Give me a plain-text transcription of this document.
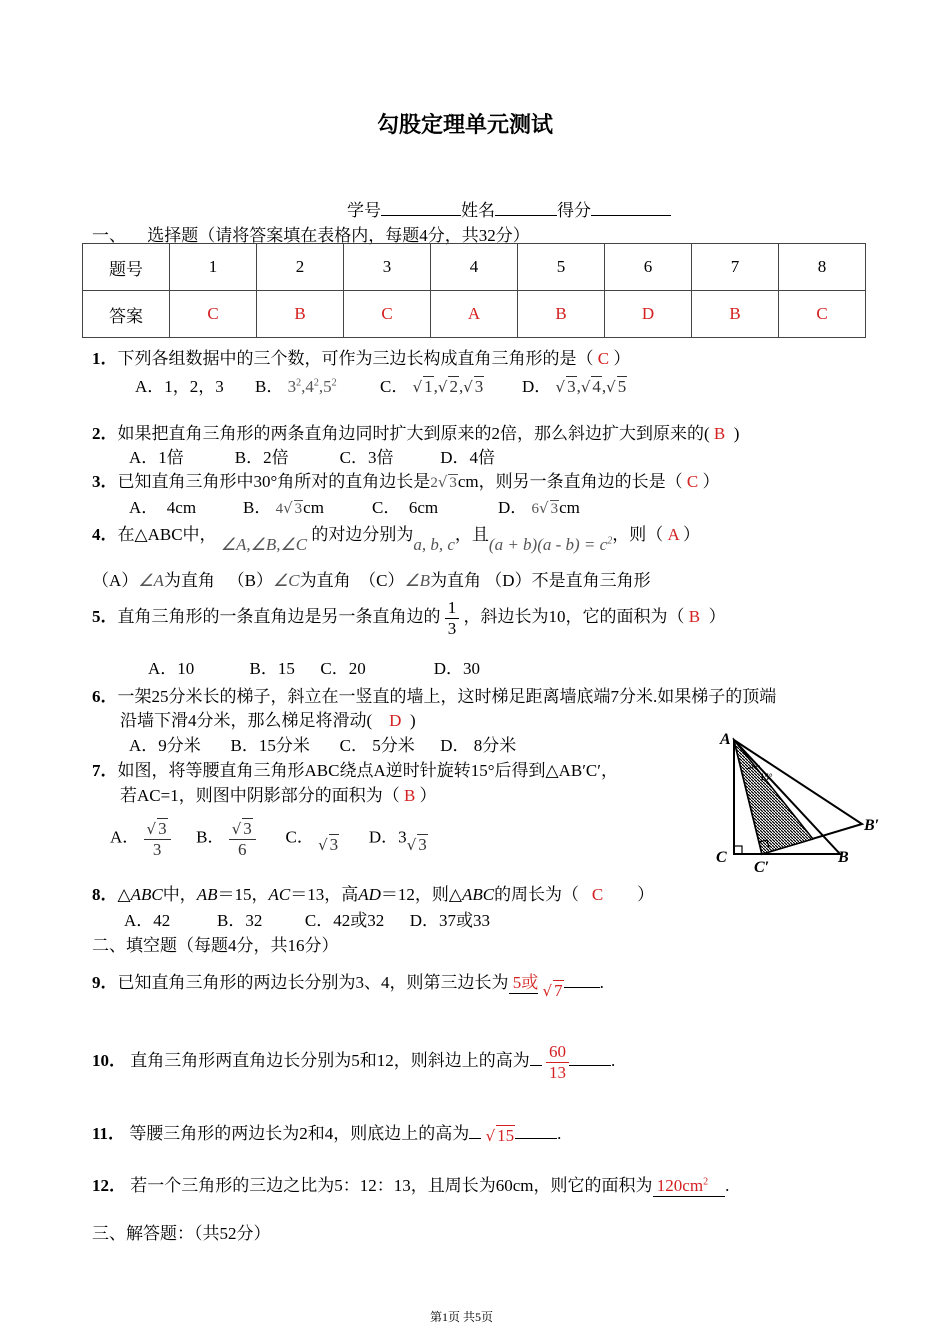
勾股定理单元测试
学号	姓名	得分
一、     选择题（请将答案填在表格内，每题4分，共32分）
题号	1	2	3	4	5	6	7	8
答案	C	B	C	A	B	D	B	C
1．下列各组数据中的三个数，可作为三边长构成直角三角形的是（ C ）
A．1，2，3 B． $3^2,4^2,5^2$	C． √ 1,√ 2,√ 3 D． √ 3,√ 4,√ 5
2．如果把直角三角形的两条直角边同时扩大到原来的2倍，那么斜边扩大到原来的( B )
A．1倍            B．2倍            C．3倍           D．4倍
3．已知直角三角形中30°角所对的直角边长是2√ 3cm，则另一条直角边的长是（ C ）
A．  4cm	B． 4√ 3cm	C．  6cm	D． 6√ 3cm
4．在△ABC中， ∠A,∠B,∠C 的对边分别为a, b, c，且$(a + b)(a - b) = c^2$，则（ A ）
（A）∠A为直角   （B）∠C为直角  （C）∠B为直角 （D）不是直角三角形
5．直角三角形的一条直角边是另一条直角边的 $\frac{1}{3}$ ，斜边长为10，它的面积为（ B ）
A．10             B．15      C．20                D．30
6．一架25分米长的梯子，斜立在一竖直的墙上，这时梯足距离墙底端7分米.如果梯子的顶端
沿墙下滑4分米，那么梯足将滑动( D )
A．9分米       B．15分米       C． 5分米      D． 8分米
7．如图，将等腰直角三角形ABC绕点A逆时针旋转15°后得到△AB′C′，
若AC=1，则图中阴影部分的面积为（ B ）
A． $\frac{√ 3}{3}$ B． $\frac{√ 3}{6}$ C． √ 3 D．3√ 3
A
15°
C
C′
B
B′
8．△ABC中，AB＝15，AC＝13，高AD＝12，则△ABC的周长为（ C ）
A．42           B．32          C．42或32      D．37或33
二、填空题（每题4分，共16分）
9．已知直角三角形的两边长分别为3、4，则第三边长为 5或 √ 7 .
10． 直角三角形两直角边长分别为5和12，则斜边上的高为 $\frac{60}{13}$ .
11． 等腰三角形的两边长为2和4，则底边上的高为 √ 15	.
12． 若一个三角形的三边之比为5：12：13，且周长为60cm，则它的面积为 $120cm^2$ .
三、解答题：（共52分）
第1页 共5页
